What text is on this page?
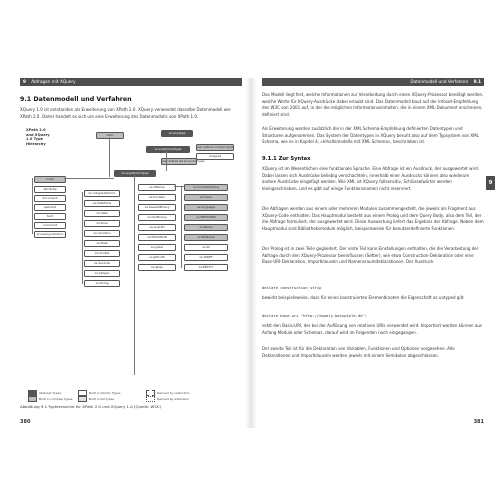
9 Abfragen mit XQuery
9.1 Datenmodell und Verfahren
XQuery 1.0 ist entstanden als Erweiterung von XPath 2.0. XQuery verwendet dasselbe Datenmodell wie XPath 2.0. Daher handelt es sich um eine Erweiterung des Datenmodells von XPath 1.0.
XPath 2.0 and XQuery 1.0 Type Hierarchy
item	xs:anyType
xs:anySimpleType	user defined complex types
untyped
user defined list and union types
xs:anyAtomicType
node
attribute
document
element
text
comment
processing-instruction
xs:untypedAtomic
xs:dateTime
xs:date
xs:time
xs:duration
xs:float
xs:double
xs:decimal
xs:integer
xs:string
xs:QName
xs:boolean
xs:base64Binary
xs:hexBinary
xs:anyURI
xs:NOTATION
xs:gYear
xs:gMonth
xs:gDay
xs:normalizedString
xs:token
xs:language
xs:NMTOKEN
xs:Name
xs:NCName
xs:ID
xs:IDREF
xs:ENTITY
Abstract Types	Built-in Atomic Types	Derived by restriction
Built in complex types	Built in list types	Derived by extension
Abbildung 9.1 Typhierarchie für XPath 2.0 und XQuery 1.0 (Quelle: W3C)
380
Datenmodell und Verfahren 9.1
Das Modell liegt fest, welche Informationen zur Verarbeitung durch einen XQuery-Prozessor benötigt werden, welche Werte für XQuery-Ausdrücke dabei erlaubt sind. Das Datenmodell baut auf der Infoset-Empfehlung des W3C von 2001 auf, in der die möglichen Informationseinheiten, die in einem XML-Dokument erscheinen, definiert sind.
Als Erweiterung werden zusätzlich die in der XML Schema-Empfehlung definierten Datentypen und Strukturen aufgenommen. Das System der Datentypen in XQuery beruht also auf dem Typsystem von XML Schema, wie es in Kapitel 4, »Inhaltsmodelle mit XML Schema«, beschrieben ist.
9.1.1 Zur Syntax
XQuery ist im Wesentlichen eine funktionale Sprache. Eine Abfrage ist ein Ausdruck, der ausgewertet wird. Dabei lassen sich Ausdrücke beliebig verschachteln, innerhalb einer Ausdrucks können also wiederum andere Ausdrücke eingefügt werden. Wie XML ist XQuery fallsensitiv, Schlüsselwörter werden kleingeschrieben, und es gibt auf einige Funktionsnamen nicht reserviert.
Die Abfragen werden aus einem oder mehreren Modulen zusammengestellt, die jeweils als Fragment aus XQuery-Code enthalten. Das Hauptmodul besteht aus einem Prolog und dem Query Body, also dem Teil, der die Abfrage formuliert, der ausgewertet wird. Diese Auswertung liefert das Ergebnis der Abfrage. Neben dem Hauptmodul sind Bibliotheksmodule möglich, beispielsweise für benutzerdefinierte Funktionen.
Der Prolog ist in zwei Teile gegliedert. Der erste Teil kann Einstellungen enthalten, die die Verarbeitung der Abfrage durch den XQuery-Prozessor beeinflussen (Setter), wie etwa Construction-Deklaration oder eine Base-URI-Deklaration, Importklauseln und Namensraumdeklarationen. Der Ausdruck
declare construction strip
bewirkt beispielsweise, dass für einen konstruierten Elementknoten die Eigenschaft as untyped gilt.
declare base-uri "http://xquery-beispiele.de";
setzt den Basis-URI, der bei der Auflösung von relativen URIs verwendet wird. Importiert werden können aus Anfang Module oder Schemas, darauf wird im Folgenden noch eingegangen.
Der zweite Teil ist für die Deklaration von Variablen, Funktionen und Optionen vorgesehen. Alle Deklarationen und Importklauseln werden jeweils mit einem Semikolon abgeschlossen.
381
9
